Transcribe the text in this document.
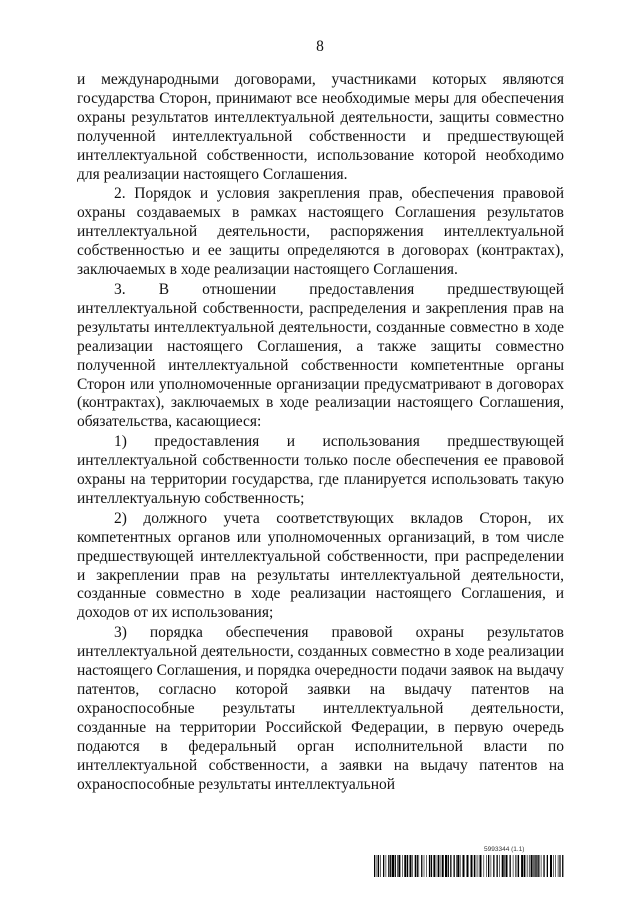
8

и международными договорами, участниками которых являются государства Сторон, принимают все необходимые меры для обеспечения охраны результатов интеллектуальной деятельности, защиты совместно полученной интеллектуальной собственности и предшествующей интеллектуальной собственности, использование которой необходимо для реализации настоящего Соглашения.

2. Порядок и условия закрепления прав, обеспечения правовой охраны создаваемых в рамках настоящего Соглашения результатов интеллектуальной деятельности, распоряжения интеллектуальной собственностью и ее защиты определяются в договорах (контрактах), заключаемых в ходе реализации настоящего Соглашения.

3. В отношении предоставления предшествующей интеллектуальной собственности, распределения и закрепления прав на результаты интеллектуальной деятельности, созданные совместно в ходе реализации настоящего Соглашения, а также защиты совместно полученной интеллектуальной собственности компетентные органы Сторон или уполномоченные организации предусматривают в договорах (контрактах), заключаемых в ходе реализации настоящего Соглашения, обязательства, касающиеся:

1) предоставления и использования предшествующей интеллектуальной собственности только после обеспечения ее правовой охраны на территории государства, где планируется использовать такую интеллектуальную собственность;

2) должного учета соответствующих вкладов Сторон, их компетентных органов или уполномоченных организаций, в том числе предшествующей интеллектуальной собственности, при распределении и закреплении прав на результаты интеллектуальной деятельности, созданные совместно в ходе реализации настоящего Соглашения, и доходов от их использования;

3) порядка обеспечения правовой охраны результатов интеллектуальной деятельности, созданных совместно в ходе реализации настоящего Соглашения, и порядка очередности подачи заявок на выдачу патентов, согласно которой заявки на выдачу патентов на охраноспособные результаты интеллектуальной деятельности, созданные на территории Российской Федерации, в первую очередь подаются в федеральный орган исполнительной власти по интеллектуальной собственности, а заявки на выдачу патентов на охраноспособные результаты интеллектуальной

5993344 (1.1)
